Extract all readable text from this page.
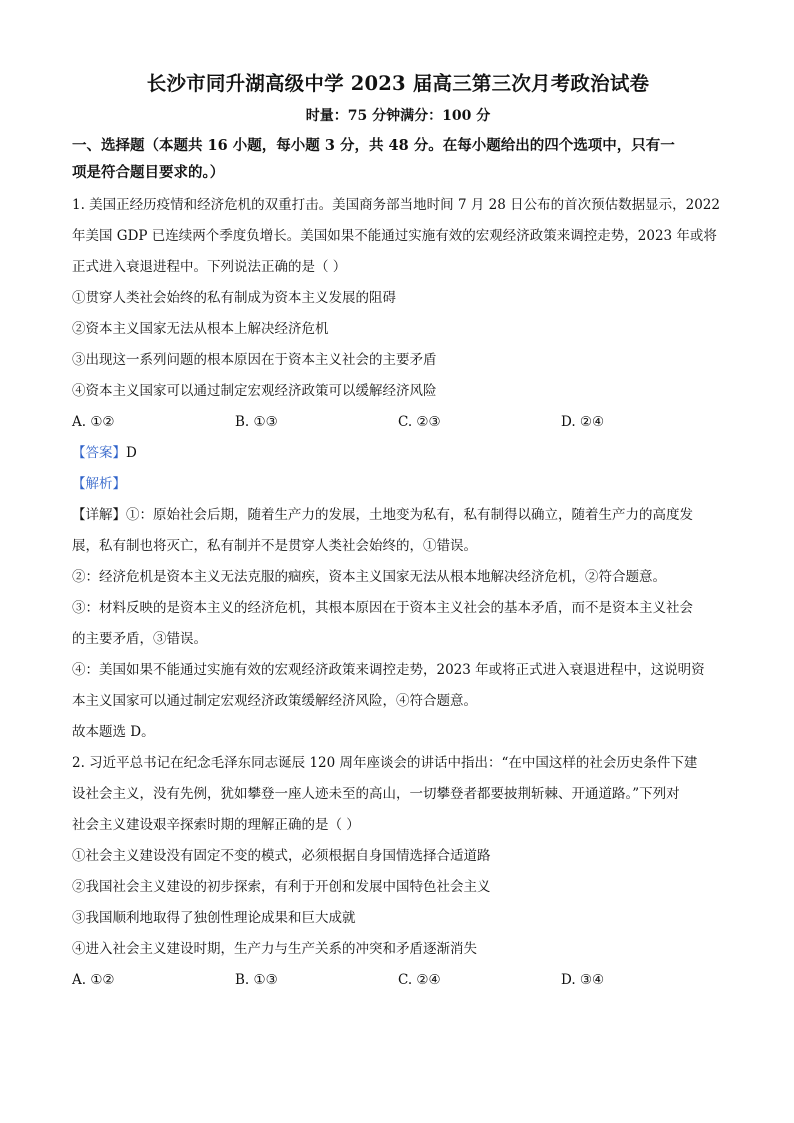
长沙市同升湖高级中学 2023 届高三第三次月考政治试卷
时量：75 分钟满分：100 分
一、选择题（本题共 16 小题，每小题 3 分，共 48 分。在每小题给出的四个选项中，只有一
项是符合题目要求的。）

1. 美国正经历疫情和经济危机的双重打击。美国商务部当地时间 7 月 28 日公布的首次预估数据显示，2022

年美国 GDP 已连续两个季度负增长。美国如果不能通过实施有效的宏观经济政策来调控走势，2023 年或将

正式进入衰退进程中。下列说法正确的是（ ）

①贯穿人类社会始终的私有制成为资本主义发展的阻碍

②资本主义国家无法从根本上解决经济危机

③出现这一系列问题的根本原因在于资本主义社会的主要矛盾

④资本主义国家可以通过制定宏观经济政策可以缓解经济风险

A. ①②	B. ①③	C. ②③	D. ②④

【答案】D

【解析】

【详解】①：原始社会后期，随着生产力的发展，土地变为私有，私有制得以确立，随着生产力的高度发

展，私有制也将灭亡，私有制并不是贯穿人类社会始终的，①错误。

②：经济危机是资本主义无法克服的痼疾，资本主义国家无法从根本地解决经济危机，②符合题意。

③：材料反映的是资本主义的经济危机，其根本原因在于资本主义社会的基本矛盾，而不是资本主义社会

的主要矛盾，③错误。

④：美国如果不能通过实施有效的宏观经济政策来调控走势，2023 年或将正式进入衰退进程中，这说明资

本主义国家可以通过制定宏观经济政策缓解经济风险，④符合题意。

故本题选 D。

2. 习近平总书记在纪念毛泽东同志诞辰 120 周年座谈会的讲话中指出：“在中国这样的社会历史条件下建

设社会主义，没有先例，犹如攀登一座人迹未至的高山，一切攀登者都要披荆斩棘、开通道路。”下列对

社会主义建设艰辛探索时期的理解正确的是（ ）

①社会主义建设没有固定不变的模式，必须根据自身国情选择合适道路

②我国社会主义建设的初步探索，有利于开创和发展中国特色社会主义

③我国顺利地取得了独创性理论成果和巨大成就

④进入社会主义建设时期，生产力与生产关系的冲突和矛盾逐渐消失

A. ①②	B. ①③	C. ②④	D. ③④
